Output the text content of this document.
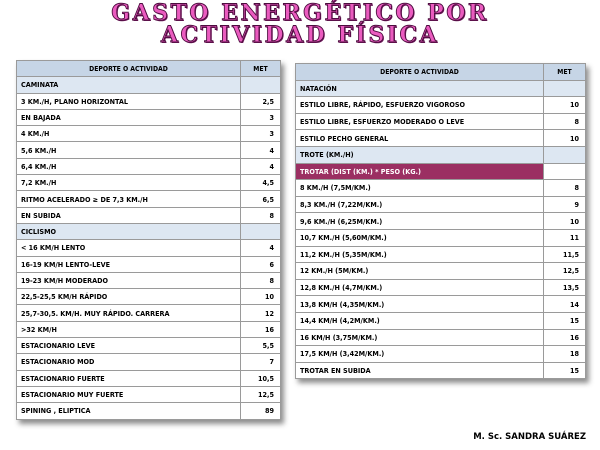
GASTO ENERGÉTICO POR
ACTIVIDAD FÍSICA
DEPORTE O ACTIVIDAD	MET
CAMINATA	
3 KM./H, PLANO HORIZONTAL	2,5
EN BAJADA	3
4 KM./H	3
5,6 KM./H	4
6,4 KM./H	4
7,2 KM./H	4,5
RITMO ACELERADO ≥ DE 7,3 KM./H	6,5
EN SUBIDA	8
CICLISMO	
< 16 KM/H LENTO	4
16-19 KM/H LENTO-LEVE	6
19-23 KM/H MODERADO	8
22,5-25,5 KM/H RÁPIDO	10
25,7-30,5. KM/H. MUY RÁPIDO. CARRERA	12
>32 KM/H	16
ESTACIONARIO LEVE	5,5
ESTACIONARIO MOD	7
ESTACIONARIO FUERTE	10,5
ESTACIONARIO MUY FUERTE	12,5
SPINING , ELIPTICA	89
DEPORTE O ACTIVIDAD	MET
NATACIÓN	
ESTILO LIBRE, RÁPIDO, ESFUERZO VIGOROSO	10
ESTILO LIBRE, ESFUERZO MODERADO O LEVE	8
ESTILO PECHO GENERAL	10
TROTE (KM./H)	
TROTAR (DIST (KM.) * PESO (KG.)	
8 KM./H (7,5M/KM.)	8
8,3 KM./H (7,22M/KM.)	9
9,6 KM./H (6,25M/KM.)	10
10,7 KM./H (5,60M/KM.)	11
11,2 KM./H (5,35M/KM.)	11,5
12 KM./H (5M/KM.)	12,5
12,8 KM./H (4,7M/KM.)	13,5
13,8 KM/H (4,35M/KM.)	14
14,4 KM/H (4,2M/KM.)	15
16 KM/H (3,75M/KM.)	16
17,5 KM/H (3,42M/KM.)	18
TROTAR EN SUBIDA	15
M. Sc. SANDRA SUÁREZ
